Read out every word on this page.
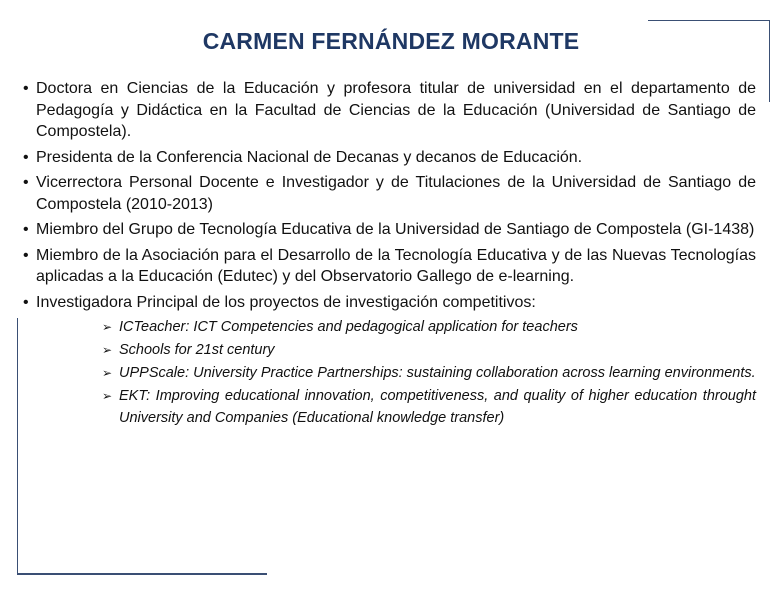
CARMEN FERNÁNDEZ MORANTE
• Doctora en Ciencias de la Educación y profesora titular de universidad en el departamento de Pedagogía y Didáctica en la Facultad de Ciencias de la Educación (Universidad de Santiago de Compostela).
• Presidenta de la Conferencia Nacional de Decanas y decanos de Educación.
• Vicerrectora Personal Docente e Investigador y de Titulaciones de la Universidad de Santiago de Compostela (2010-2013)
• Miembro del Grupo de Tecnología Educativa de la Universidad de Santiago de Compostela (GI-1438)
• Miembro de la Asociación para el Desarrollo de la Tecnología Educativa y de las Nuevas Tecnologías aplicadas a la Educación (Edutec) y del Observatorio Gallego de e-learning.
• Investigadora Principal de los proyectos de investigación competitivos:
➢ ICTeacher: ICT Competencies and pedagogical application for teachers
➢ Schools for 21st century
➢ UPPScale: University Practice Partnerships: sustaining collaboration across learning environments.
➢ EKT: Improving educational innovation, competitiveness, and quality of higher education throught University and Companies (Educational knowledge transfer)
